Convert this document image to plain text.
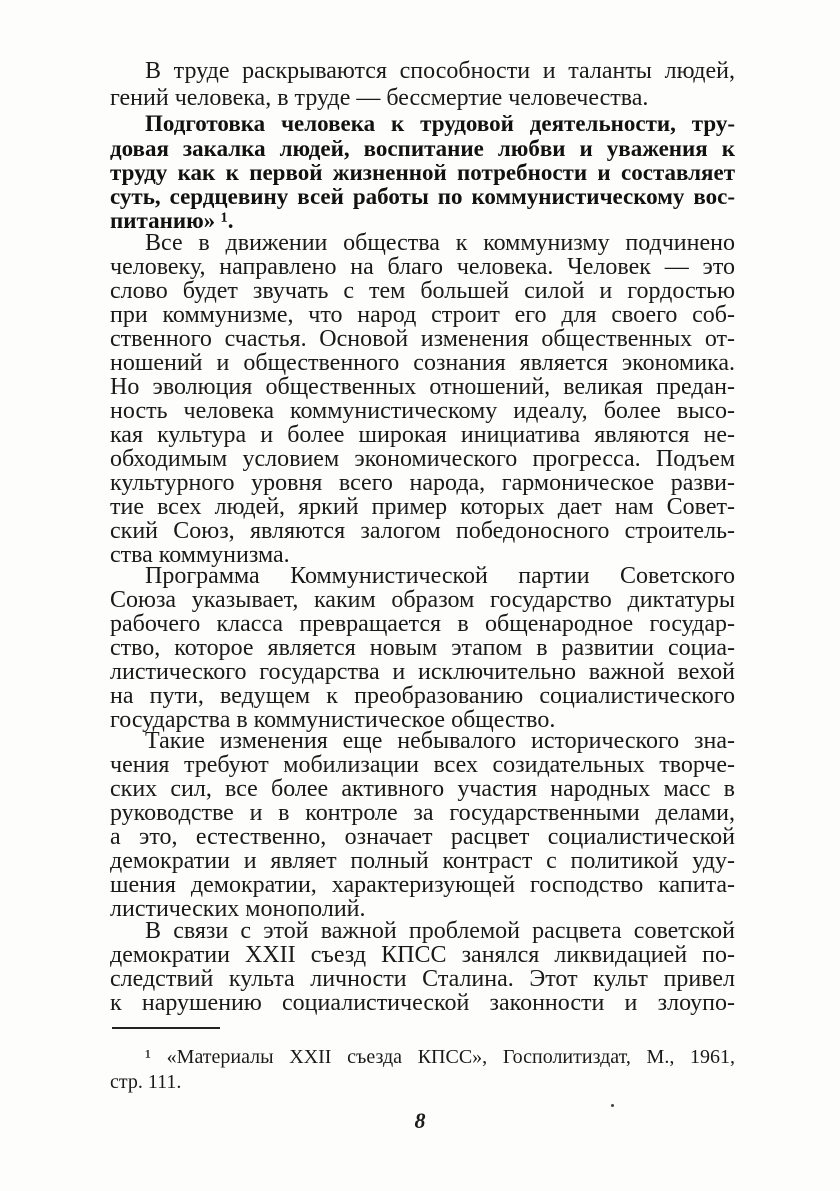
В труде раскрываются способности и таланты людей,
гений человека, в труде — бессмертие человечества.
Подготовка человека к трудовой деятельности, тру-
довая закалка людей, воспитание любви и уважения к
труду как к первой жизненной потребности и составляет
суть, сердцевину всей работы по коммунистическому вос-
питанию» ¹.
Все в движении общества к коммунизму подчинено
человеку, направлено на благо человека. Человек — это
слово будет звучать с тем большей силой и гордостью
при коммунизме, что народ строит его для своего соб-
ственного счастья. Основой изменения общественных от-
ношений и общественного сознания является экономика.
Но эволюция общественных отношений, великая предан-
ность человека коммунистическому идеалу, более высо-
кая культура и более широкая инициатива являются не-
обходимым условием экономического прогресса. Подъем
культурного уровня всего народа, гармоническое разви-
тие всех людей, яркий пример которых дает нам Совет-
ский Союз, являются залогом победоносного строитель-
ства коммунизма.
Программа Коммунистической партии Советского
Союза указывает, каким образом государство диктатуры
рабочего класса превращается в общенародное государ-
ство, которое является новым этапом в развитии социа-
листического государства и исключительно важной вехой
на пути, ведущем к преобразованию социалистического
государства в коммунистическое общество.
Такие изменения еще небывалого исторического зна-
чения требуют мобилизации всех созидательных творче-
ских сил, все более активного участия народных масс в
руководстве и в контроле за государственными делами,
а это, естественно, означает расцвет социалистической
демократии и являет полный контраст с политикой уду-
шения демократии, характеризующей господство капита-
листических монополий.
В связи с этой важной проблемой расцвета советской
демократии XXII съезд КПСС занялся ликвидацией по-
следствий культа личности Сталина. Этот культ привел
к нарушению социалистической законности и злоупо-
¹ «Материалы XXII съезда КПСС», Госполитиздат, М., 1961,
стр. 111.
8
